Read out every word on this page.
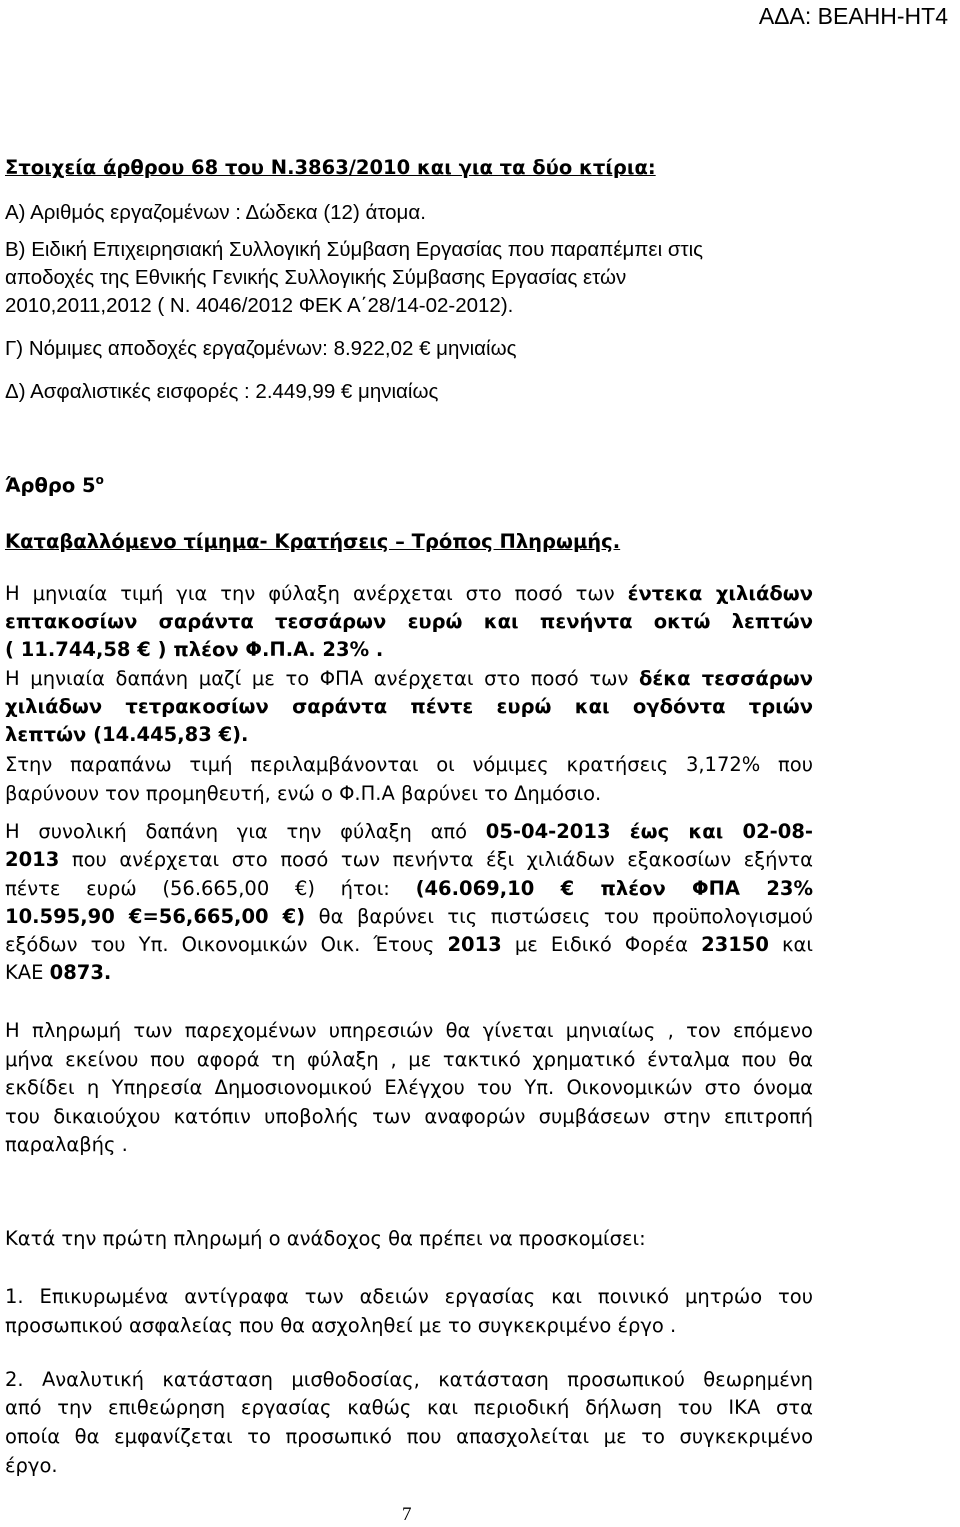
ΑΔΑ: ΒΕΑΗΗ-ΗΤ4
Στοιχεία άρθρου 68 του Ν.3863/2010 και για τα δύο κτίρια:
Α) Αριθμός εργαζομένων : Δώδεκα (12) άτομα.
Β) Ειδική Επιχειρησιακή Συλλογική Σύμβαση Εργασίας που παραπέμπει στις
αποδοχές της Εθνικής Γενικής Συλλογικής Σύμβασης Εργασίας ετών
2010,2011,2012 ( Ν. 4046/2012 ΦΕΚ Α΄28/14-02-2012).
Γ) Νόμιμες αποδοχές εργαζομένων: 8.922,02 € μηνιαίως
Δ) Ασφαλιστικές εισφορές : 2.449,99 € μηνιαίως
Άρθρο $5^o$
Καταβαλλόμενο τίμημα- Κρατήσεις – Τρόπος Πληρωμής.
Η μηνιαία τιμή για την φύλαξη ανέρχεται στο ποσό των έντεκα χιλιάδων
επτακοσίων σαράντα τεσσάρων ευρώ και πενήντα οκτώ λεπτών
( 11.744,58 € ) πλέον Φ.Π.Α. 23% .
Η μηνιαία δαπάνη μαζί με το ΦΠΑ ανέρχεται στο ποσό των δέκα τεσσάρων
χιλιάδων τετρακοσίων σαράντα πέντε ευρώ και ογδόντα τριών
λεπτών (14.445,83 €).
Στην παραπάνω τιμή περιλαμβάνονται οι νόμιμες κρατήσεις 3,172% που
βαρύνουν τον προμηθευτή, ενώ ο Φ.Π.Α βαρύνει το Δημόσιο.
Η συνολική δαπάνη για την φύλαξη από 05-04-2013 έως και 02-08-
2013 που ανέρχεται στο ποσό των πενήντα έξι χιλιάδων εξακοσίων εξήντα
πέντε ευρώ (56.665,00 €) ήτοι: (46.069,10 € πλέον ΦΠΑ 23%
10.595,90 €=56,665,00 €) θα βαρύνει τις πιστώσεις του προϋπολογισμού
εξόδων του Υπ. Οικονομικών Οικ. Έτους 2013 με Ειδικό Φορέα 23150 και
ΚΑΕ 0873.
Η πληρωμή των παρεχομένων υπηρεσιών θα γίνεται μηνιαίως , τον επόμενο
μήνα εκείνου που αφορά τη φύλαξη , με τακτικό χρηματικό ένταλμα που θα
εκδίδει η Υπηρεσία Δημοσιονομικού Ελέγχου του Υπ. Οικονομικών στο όνομα
του δικαιούχου κατόπιν υποβολής των αναφορών συμβάσεων στην επιτροπή
παραλαβής .
Κατά την πρώτη πληρωμή ο ανάδοχος θα πρέπει να προσκομίσει:
1. Επικυρωμένα αντίγραφα των αδειών εργασίας και ποινικό μητρώο του
προσωπικού ασφαλείας που θα ασχοληθεί με το συγκεκριμένο έργο .
2. Αναλυτική κατάσταση μισθοδοσίας, κατάσταση προσωπικού θεωρημένη
από την επιθεώρηση εργασίας καθώς και περιοδική δήλωση του ΙΚΑ στα
οποία θα εμφανίζεται το προσωπικό που απασχολείται με το συγκεκριμένο
έργο.
7
